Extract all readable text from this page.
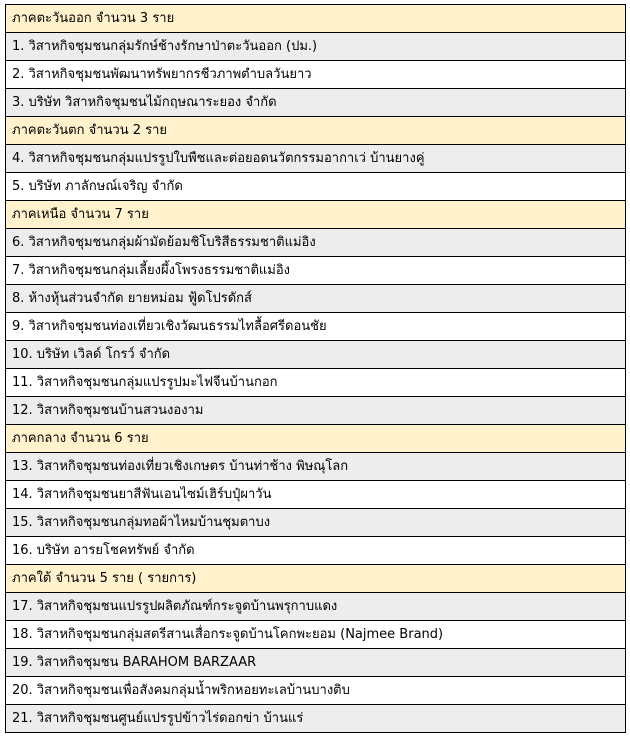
ภาคตะวันออก จำนวน 3 ราย
1. วิสาหกิจชุมชนกลุ่มรักษ์ช้างรักษาป่าตะวันออก (ปม.)
2. วิสาหกิจชุมชนพัฒนาทรัพยากรชีวภาพตำบลวันยาว
3. บริษัท วิสาหกิจชุมชนไม้กฤษณาระยอง จำกัด
ภาคตะวันตก จำนวน 2 ราย
4. วิสาหกิจชุมชนกลุ่มแปรรูปใบพืชและต่อยอดนวัตกรรมอากาเว่ บ้านยางคู่
5. บริษัท ภาลักษณ์เจริญ จำกัด
ภาคเหนือ จำนวน 7 ราย
6. วิสาหกิจชุมชนกลุ่มผ้ามัดย้อมชิโบริสีธรรมชาติแม่อิง
7. วิสาหกิจชุมชนกลุ่มเลี้ยงผึ้งโพรงธรรมชาติแม่อิง
8. ห้างหุ้นส่วนจำกัด ยายหม่อม ฟู้ดโปรดักส์
9. วิสาหกิจชุมชนท่องเที่ยวเชิงวัฒนธรรมไทลื้อศรีดอนชัย
10. บริษัท เวิลด์ โกรว์ จำกัด
11. วิสาหกิจชุมชนกลุ่มแปรรูปมะไฟจีนบ้านกอก
12. วิสาหกิจชุมชนบ้านสวนงองาม
ภาคกลาง จำนวน 6 ราย
13. วิสาหกิจชุมชนท่องเที่ยวเชิงเกษตร บ้านท่าช้าง พิษณุโลก
14. วิสาหกิจชุมชนยาสีฟันเอนไซม์เฮิร์บปุ๋ผาวัน
15. วิสาหกิจชุมชนกลุ่มทอผ้าไหมบ้านชุมตาบง
16. บริษัท อารยโชคทรัพย์ จำกัด
ภาคใต้ จำนวน 5 ราย ( รายการ)
17. วิสาหกิจชุมชนแปรรูปผลิตภัณฑ์กระจูดบ้านพรุกาบแดง
18. วิสาหกิจชุมชนกลุ่มสตรีสานเสื่อกระจูดบ้านโคกพะยอม (Najmee Brand)
19. วิสาหกิจชุมชน BARAHOM BARZAAR
20. วิสาหกิจชุมชนเพื่อสังคมกลุ่มน้ำพริกหอยทะเลบ้านบางติบ
21. วิสาหกิจชุมชนศูนย์แปรรูปข้าวไร่ดอกข่า บ้านแร่
